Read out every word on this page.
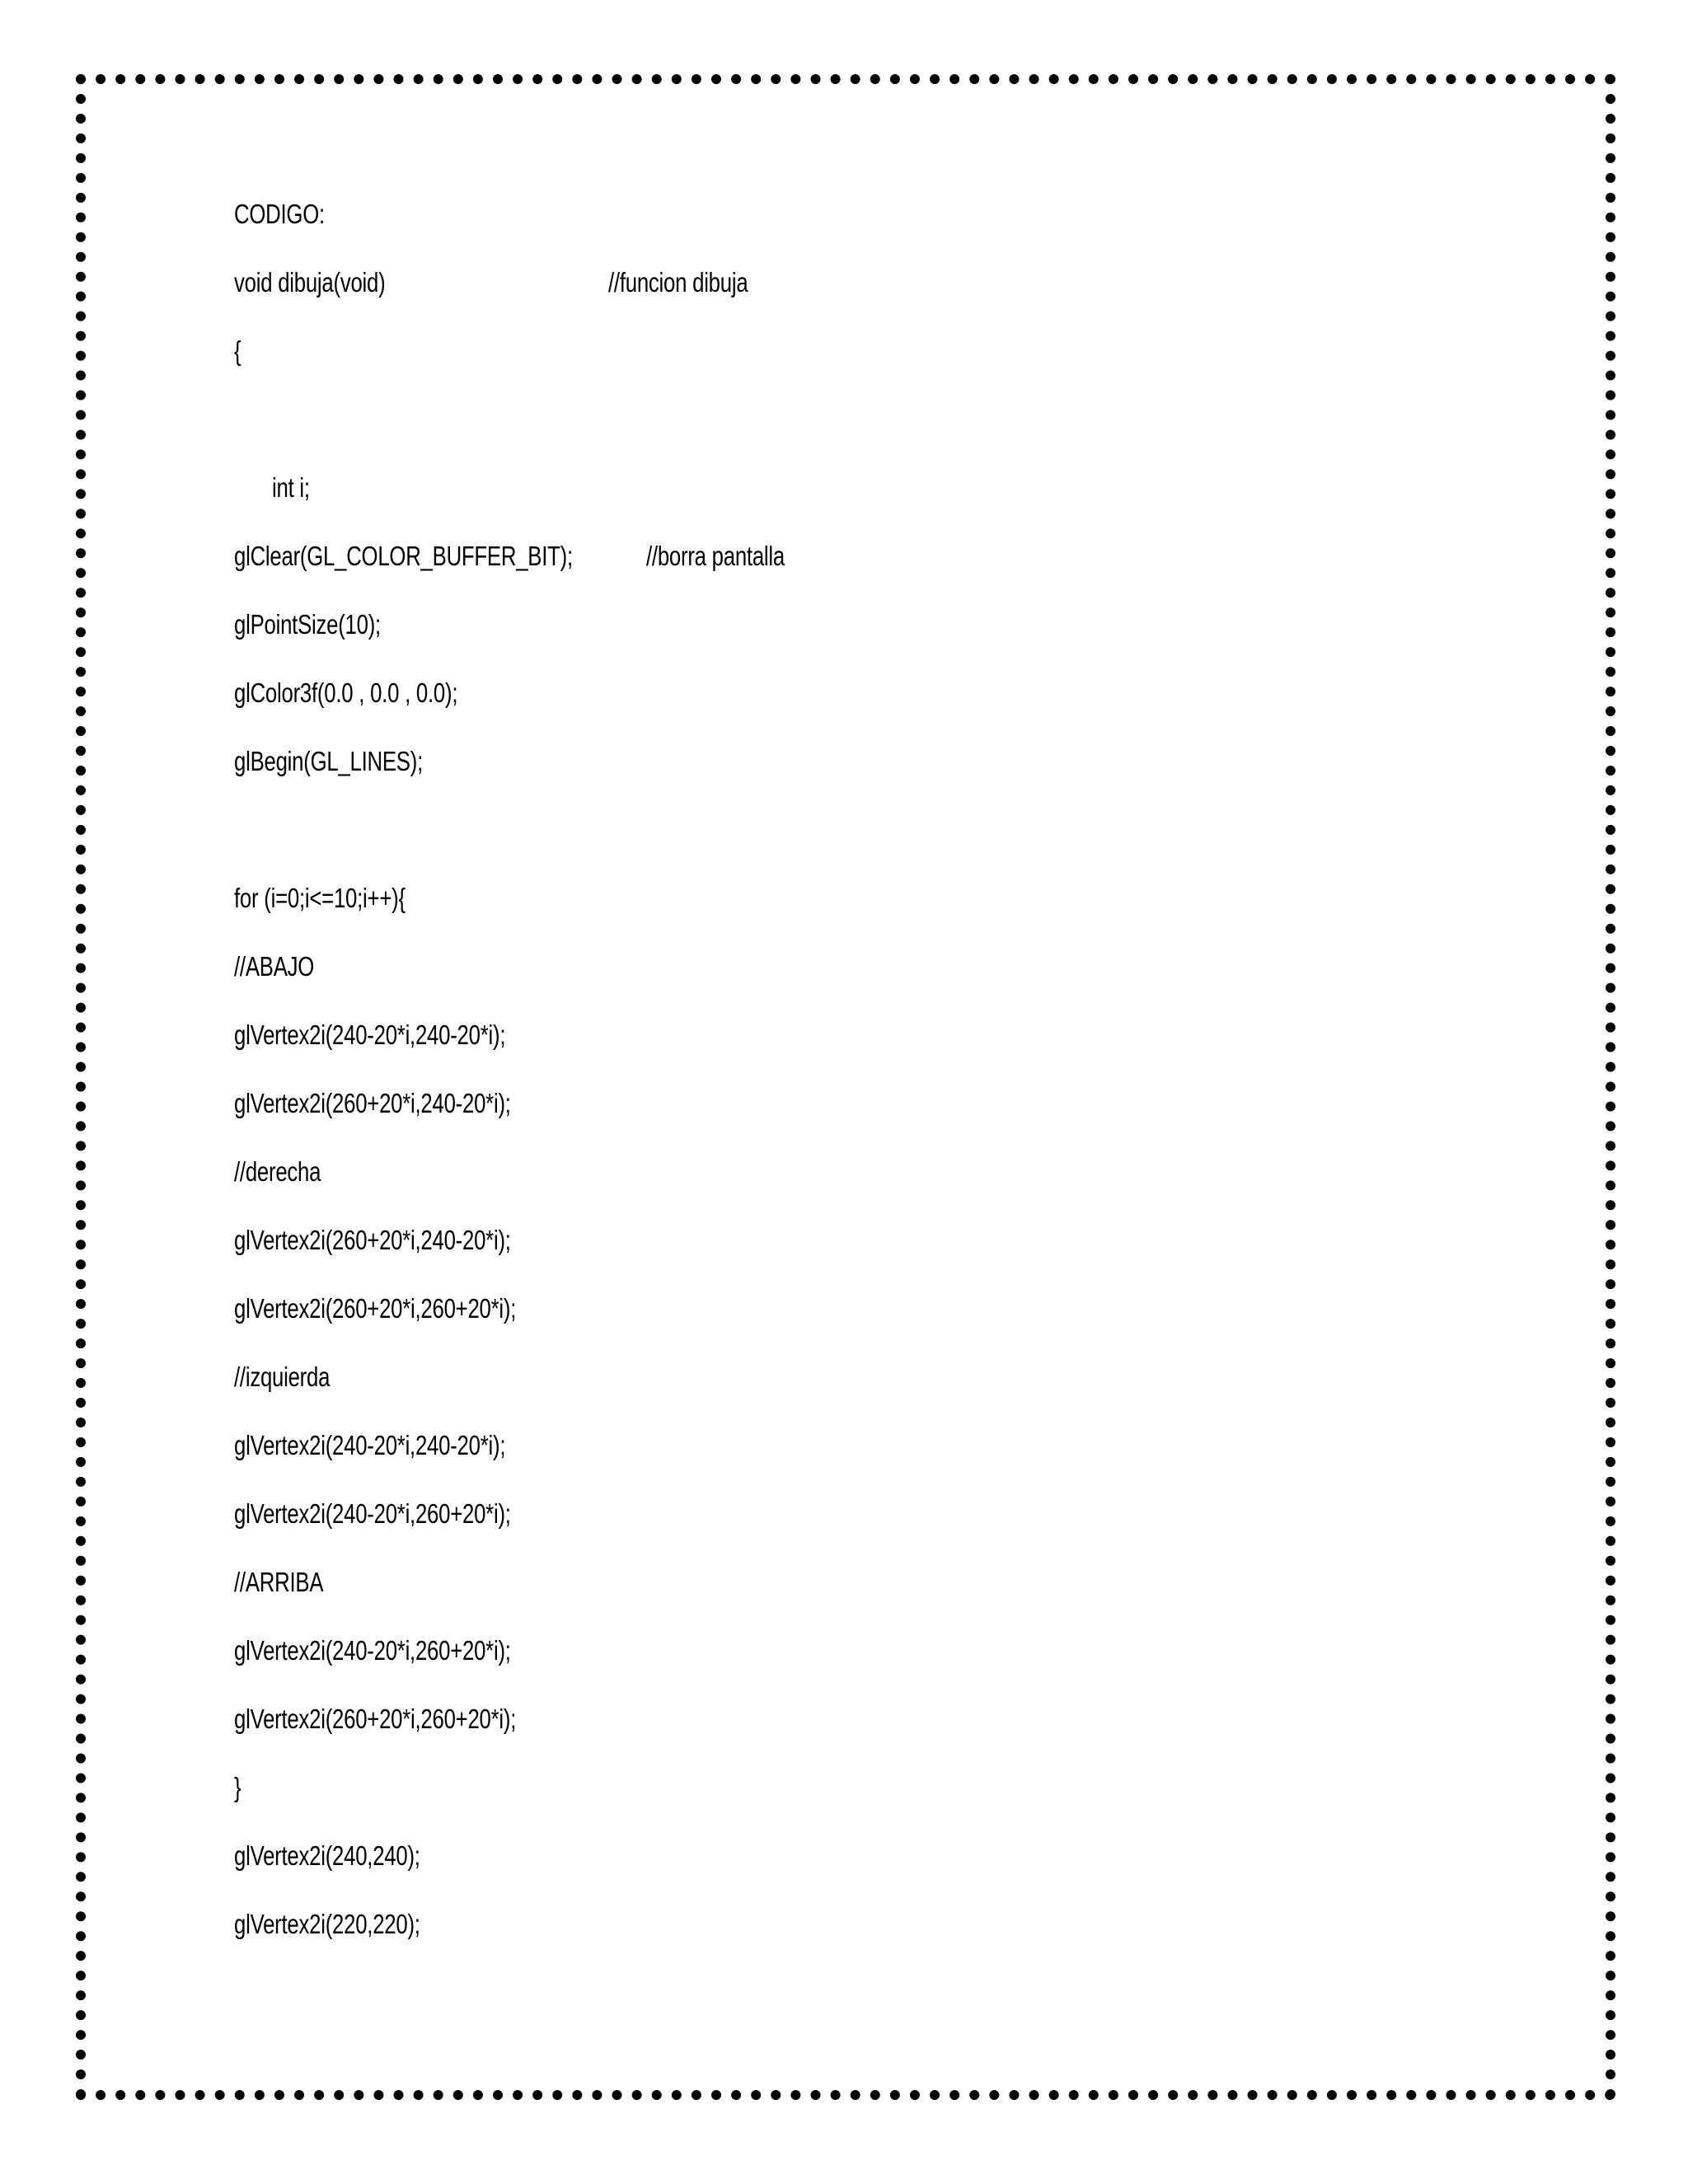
CODIGO:
void dibuja(void)	//funcion dibuja
{
int i;
glClear(GL_COLOR_BUFFER_BIT);	//borra pantalla
glPointSize(10);
glColor3f(0.0 , 0.0 , 0.0);
glBegin(GL_LINES);
for (i=0;i<=10;i++){
//ABAJO
glVertex2i(240-20*i,240-20*i);
glVertex2i(260+20*i,240-20*i);
//derecha
glVertex2i(260+20*i,240-20*i);
glVertex2i(260+20*i,260+20*i);
//izquierda
glVertex2i(240-20*i,240-20*i);
glVertex2i(240-20*i,260+20*i);
//ARRIBA
glVertex2i(240-20*i,260+20*i);
glVertex2i(260+20*i,260+20*i);
}
glVertex2i(240,240);
glVertex2i(220,220);
